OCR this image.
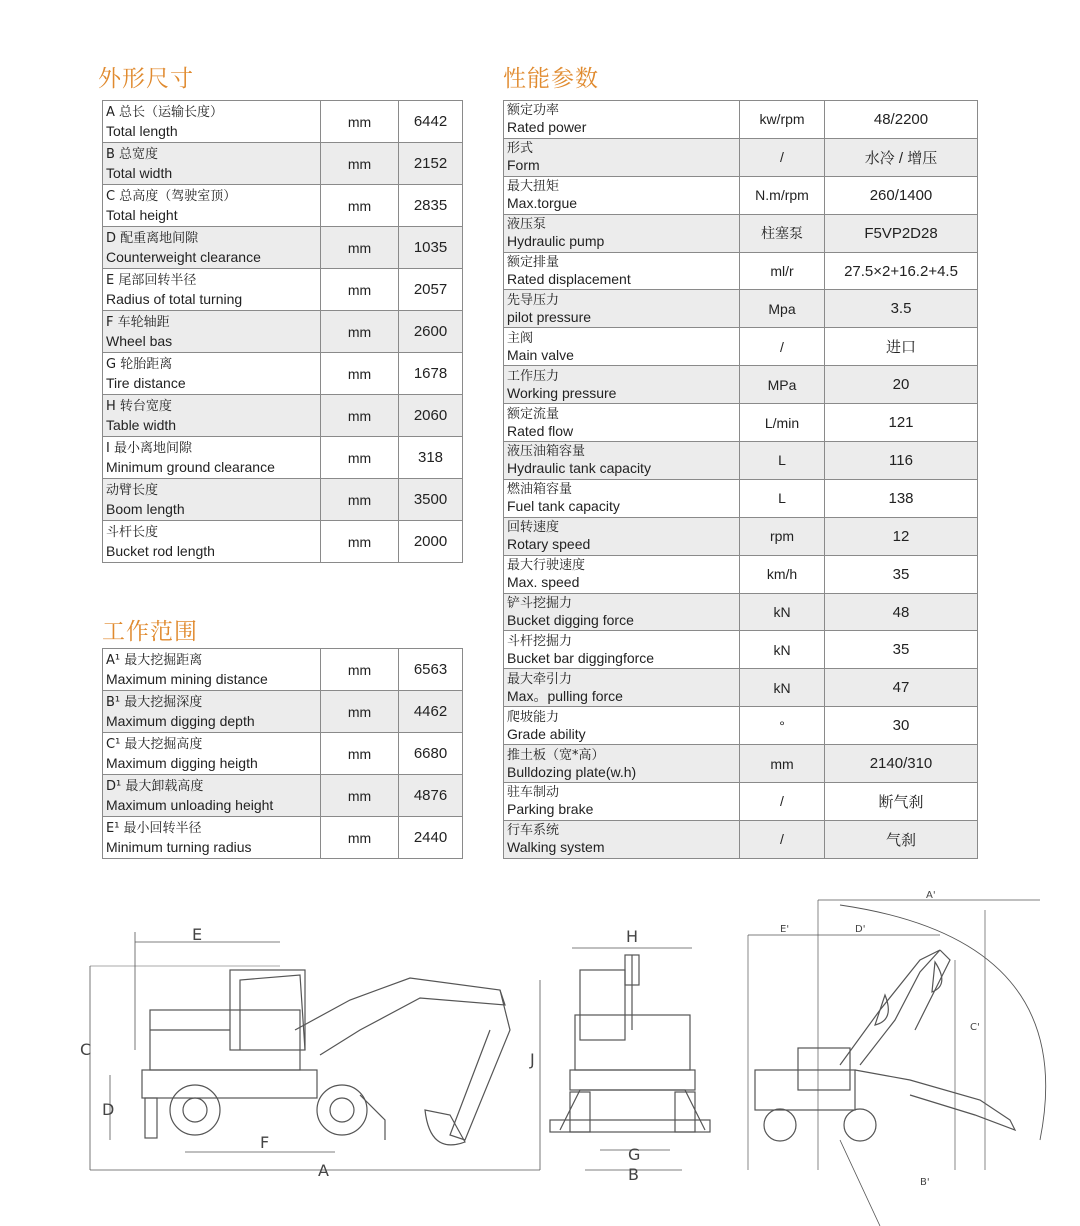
外形尺寸	性能参数
工作范围
A 总长（运输长度）
Total length	mm	6442

B 总宽度
Total width	mm	2152

C 总高度（驾驶室顶）
Total height	mm	2835

D 配重离地间隙
Counterweight clearance	mm	1035

E 尾部回转半径
Radius of total turning	mm	2057

F 车轮轴距
Wheel bas	mm	2600

G 轮胎距离
Tire distance	mm	1678

H 转台宽度
Table width	mm	2060

I 最小离地间隙
Minimum ground clearance	mm	318

动臂长度
Boom length	mm	3500

斗杆长度
Bucket rod length	mm	2000
A¹ 最大挖掘距离
Maximum mining distance	mm	6563

B¹ 最大挖掘深度
Maximum digging depth	mm	4462

C¹ 最大挖掘高度
Maximum digging heigth	mm	6680

D¹ 最大卸载高度
Maximum unloading height	mm	4876

E¹ 最小回转半径
Minimum turning radius	mm	2440
额定功率
Rated power	kw/rpm	48/2200

形式
Form	/	水冷 / 增压

最大扭矩
Max.torgue	N.m/rpm	260/1400

液压泵
Hydraulic pump	柱塞泵	F5VP2D28

额定排量
Rated displacement	ml/r	27.5×2+16.2+4.5

先导压力
pilot pressure	Mpa	3.5

主阀
Main valve	/	进口

工作压力
Working pressure	MPa	20

额定流量
Rated flow	L/min	121

液压油箱容量
Hydraulic tank capacity	L	116

燃油箱容量
Fuel tank capacity	L	138

回转速度
Rotary speed	rpm	12

最大行驶速度
Max. speed	km/h	35

铲斗挖掘力
Bucket digging force	kN	48

斗杆挖掘力
Bucket bar diggingforce	kN	35

最大牵引力
Max。pulling force	kN	47

爬坡能力
Grade ability	°	30

推土板（宽*高）
Bulldozing plate(w.h)	mm	2140/310

驻车制动
Parking brake	/	断气刹

行车系统
Walking system	/	气刹
E
C
D
F
A
J
H
G
B
A'
C'
E'	D'
B'
